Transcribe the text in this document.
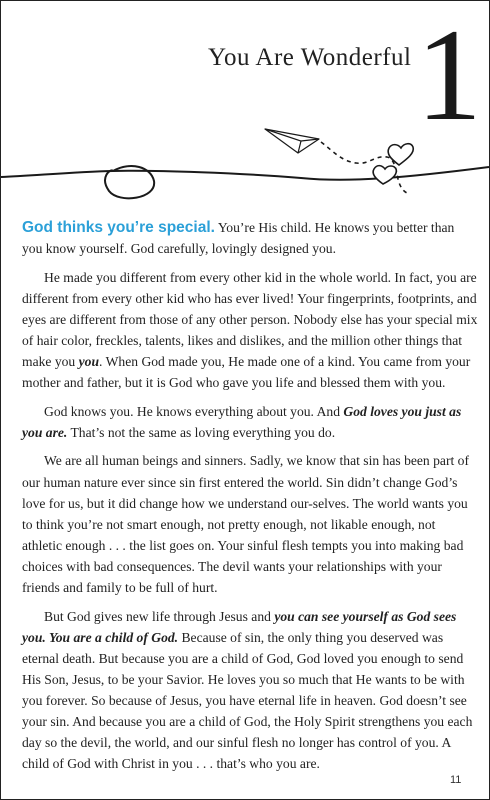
You Are Wonderful 1

God thinks you’re special. You’re His child. He knows you better than you know yourself. God carefully, lovingly designed you.

He made you different from every other kid in the whole world. In fact, you are different from every other kid who has ever lived! Your fingerprints, footprints, and eyes are different from those of any other person. Nobody else has your special mix of hair color, freckles, talents, likes and dislikes, and the million other things that make you you. When God made you, He made one of a kind. You came from your mother and father, but it is God who gave you life and blessed them with you.

God knows you. He knows everything about you. And God loves you just as you are. That’s not the same as loving everything you do.

We are all human beings and sinners. Sadly, we know that sin has been part of our human nature ever since sin first entered the world. Sin didn’t change God’s love for us, but it did change how we understand our-selves. The world wants you to think you’re not smart enough, not pretty enough, not likable enough, not athletic enough . . . the list goes on. Your sinful flesh tempts you into making bad choices with bad consequences. The devil wants your relationships with your friends and family to be full of hurt.

But God gives new life through Jesus and you can see yourself as God sees you. You are a child of God. Because of sin, the only thing you deserved was eternal death. But because you are a child of God, God loved you enough to send His Son, Jesus, to be your Savior. He loves you so much that He wants to be with you forever. So because of Jesus, you have eternal life in heaven. God doesn’t see your sin. And because you are a child of God, the Holy Spirit strengthens you each day so the devil, the world, and our sinful flesh no longer has control of you. A child of God with Christ in you . . . that’s who you are.

11
